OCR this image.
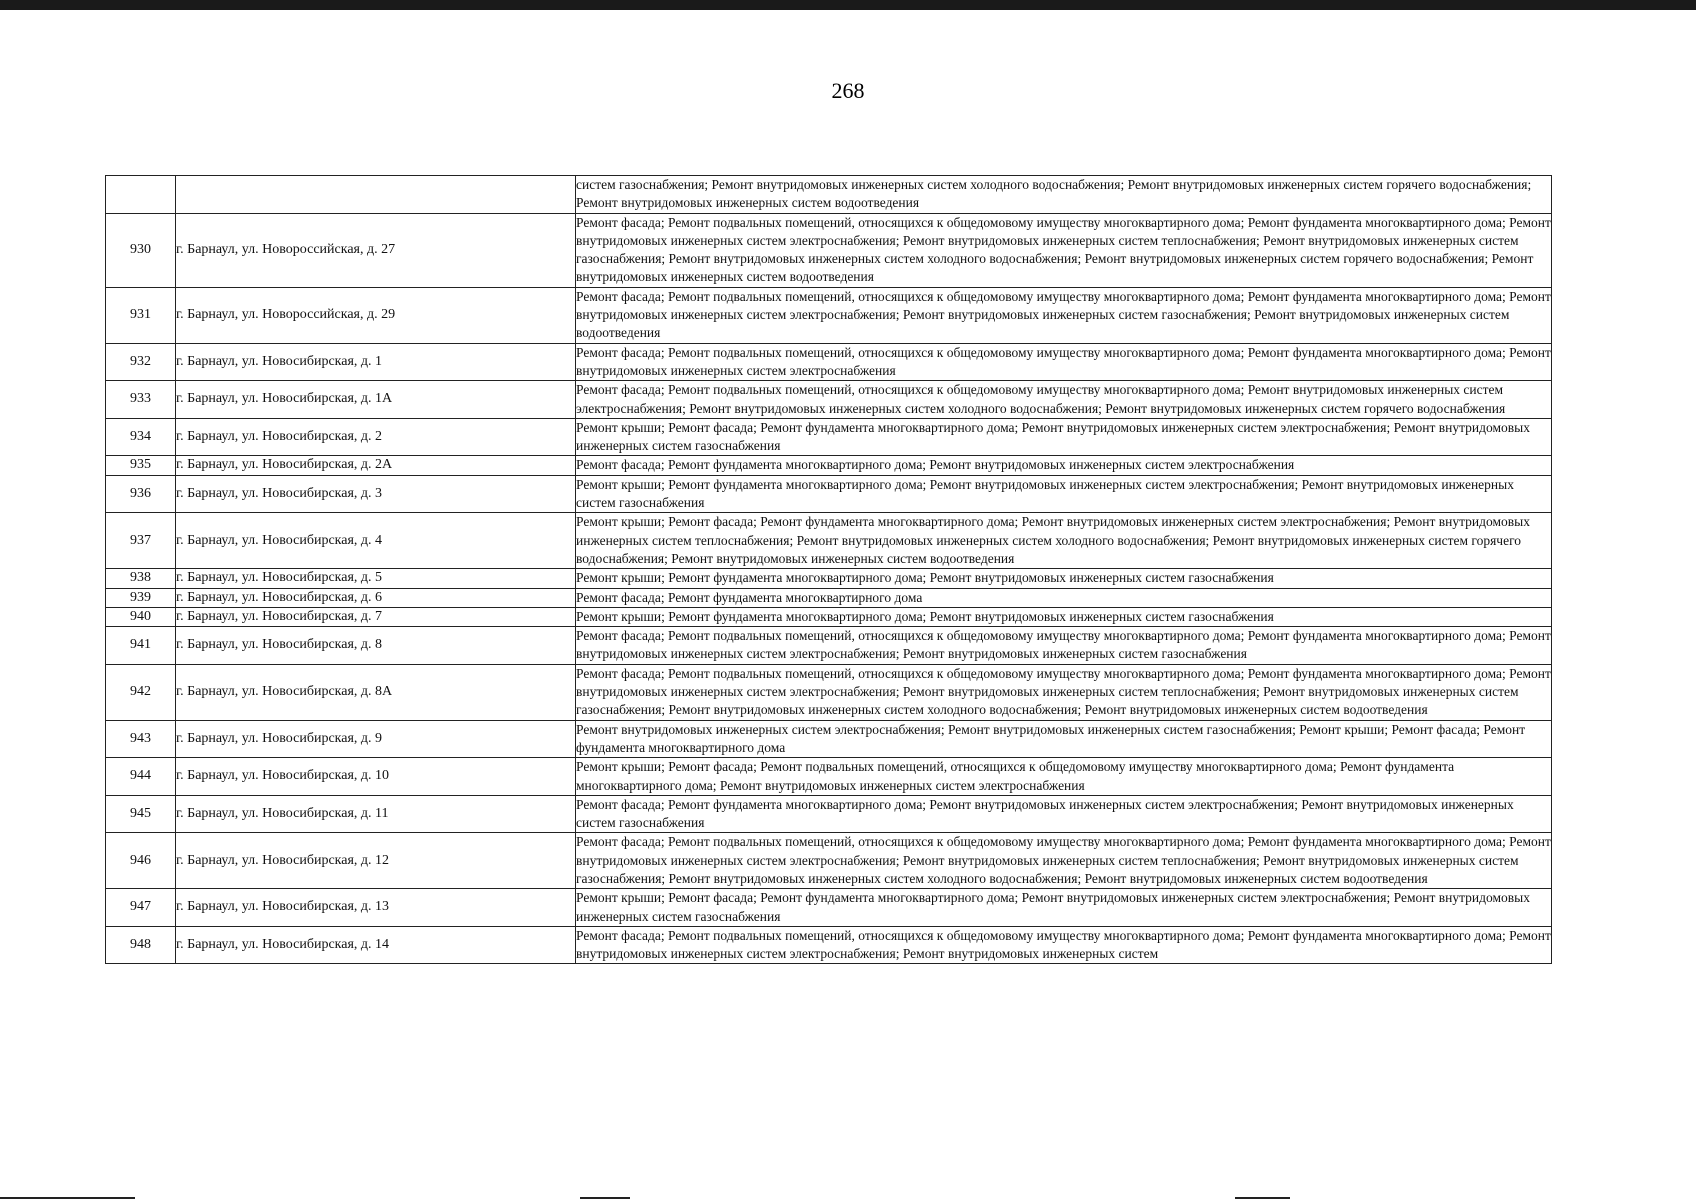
268
		систем газоснабжения; Ремонт внутридомовых инженерных систем холодного водоснабжения; Ремонт внутридомовых инженерных систем горячего водоснабжения; Ремонт внутридомовых инженерных систем водоотведения
930	г. Барнаул, ул. Новороссийская, д. 27	Ремонт фасада; Ремонт подвальных помещений, относящихся к общедомовому имуществу многоквартирного дома; Ремонт фундамента многоквартирного дома; Ремонт внутридомовых инженерных систем электроснабжения; Ремонт внутридомовых инженерных систем теплоснабжения; Ремонт внутридомовых инженерных систем газоснабжения; Ремонт внутридомовых инженерных систем холодного водоснабжения; Ремонт внутридомовых инженерных систем горячего водоснабжения; Ремонт внутридомовых инженерных систем водоотведения
931	г. Барнаул, ул. Новороссийская, д. 29	Ремонт фасада; Ремонт подвальных помещений, относящихся к общедомовому имуществу многоквартирного дома; Ремонт фундамента многоквартирного дома; Ремонт внутридомовых инженерных систем электроснабжения; Ремонт внутридомовых инженерных систем газоснабжения; Ремонт внутридомовых инженерных систем водоотведения
932	г. Барнаул, ул. Новосибирская, д. 1	Ремонт фасада; Ремонт подвальных помещений, относящихся к общедомовому имуществу многоквартирного дома; Ремонт фундамента многоквартирного дома; Ремонт внутридомовых инженерных систем электроснабжения
933	г. Барнаул, ул. Новосибирская, д. 1А	Ремонт фасада; Ремонт подвальных помещений, относящихся к общедомовому имуществу многоквартирного дома; Ремонт внутридомовых инженерных систем электроснабжения; Ремонт внутридомовых инженерных систем холодного водоснабжения; Ремонт внутридомовых инженерных систем горячего водоснабжения
934	г. Барнаул, ул. Новосибирская, д. 2	Ремонт крыши; Ремонт фасада; Ремонт фундамента многоквартирного дома; Ремонт внутридомовых инженерных систем электроснабжения; Ремонт внутридомовых инженерных систем газоснабжения
935	г. Барнаул, ул. Новосибирская, д. 2А	Ремонт фасада; Ремонт фундамента многоквартирного дома; Ремонт внутридомовых инженерных систем электроснабжения
936	г. Барнаул, ул. Новосибирская, д. 3	Ремонт крыши; Ремонт фундамента многоквартирного дома; Ремонт внутридомовых инженерных систем электроснабжения; Ремонт внутридомовых инженерных систем газоснабжения
937	г. Барнаул, ул. Новосибирская, д. 4	Ремонт крыши; Ремонт фасада; Ремонт фундамента многоквартирного дома; Ремонт внутридомовых инженерных систем электроснабжения; Ремонт внутридомовых инженерных систем теплоснабжения; Ремонт внутридомовых инженерных систем холодного водоснабжения; Ремонт внутридомовых инженерных систем горячего водоснабжения; Ремонт внутридомовых инженерных систем водоотведения
938	г. Барнаул, ул. Новосибирская, д. 5	Ремонт крыши; Ремонт фундамента многоквартирного дома; Ремонт внутридомовых инженерных систем газоснабжения
939	г. Барнаул, ул. Новосибирская, д. 6	Ремонт фасада; Ремонт фундамента многоквартирного дома
940	г. Барнаул, ул. Новосибирская, д. 7	Ремонт крыши; Ремонт фундамента многоквартирного дома; Ремонт внутридомовых инженерных систем газоснабжения
941	г. Барнаул, ул. Новосибирская, д. 8	Ремонт фасада; Ремонт подвальных помещений, относящихся к общедомовому имуществу многоквартирного дома; Ремонт фундамента многоквартирного дома; Ремонт внутридомовых инженерных систем электроснабжения; Ремонт внутридомовых инженерных систем газоснабжения
942	г. Барнаул, ул. Новосибирская, д. 8А	Ремонт фасада; Ремонт подвальных помещений, относящихся к общедомовому имуществу многоквартирного дома; Ремонт фундамента многоквартирного дома; Ремонт внутридомовых инженерных систем электроснабжения; Ремонт внутридомовых инженерных систем теплоснабжения; Ремонт внутридомовых инженерных систем газоснабжения; Ремонт внутридомовых инженерных систем холодного водоснабжения; Ремонт внутридомовых инженерных систем водоотведения
943	г. Барнаул, ул. Новосибирская, д. 9	Ремонт внутридомовых инженерных систем электроснабжения; Ремонт внутридомовых инженерных систем газоснабжения; Ремонт крыши; Ремонт фасада; Ремонт фундамента многоквартирного дома
944	г. Барнаул, ул. Новосибирская, д. 10	Ремонт крыши; Ремонт фасада; Ремонт подвальных помещений, относящихся к общедомовому имуществу многоквартирного дома; Ремонт фундамента многоквартирного дома; Ремонт внутридомовых инженерных систем электроснабжения
945	г. Барнаул, ул. Новосибирская, д. 11	Ремонт фасада; Ремонт фундамента многоквартирного дома; Ремонт внутридомовых инженерных систем электроснабжения; Ремонт внутридомовых инженерных систем газоснабжения
946	г. Барнаул, ул. Новосибирская, д. 12	Ремонт фасада; Ремонт подвальных помещений, относящихся к общедомовому имуществу многоквартирного дома; Ремонт фундамента многоквартирного дома; Ремонт внутридомовых инженерных систем электроснабжения; Ремонт внутридомовых инженерных систем теплоснабжения; Ремонт внутридомовых инженерных систем газоснабжения; Ремонт внутридомовых инженерных систем холодного водоснабжения; Ремонт внутридомовых инженерных систем водоотведения
947	г. Барнаул, ул. Новосибирская, д. 13	Ремонт крыши; Ремонт фасада; Ремонт фундамента многоквартирного дома; Ремонт внутридомовых инженерных систем электроснабжения; Ремонт внутридомовых инженерных систем газоснабжения
948	г. Барнаул, ул. Новосибирская, д. 14	Ремонт фасада; Ремонт подвальных помещений, относящихся к общедомовому имуществу многоквартирного дома; Ремонт фундамента многоквартирного дома; Ремонт внутридомовых инженерных систем электроснабжения; Ремонт внутридомовых инженерных систем
